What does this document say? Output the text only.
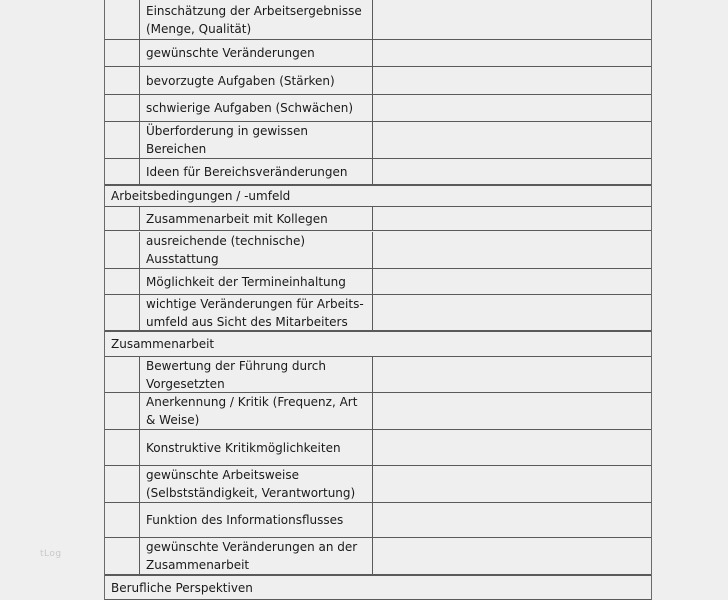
tLog
Einschätzung der Arbeitsergebnisse
(Menge, Qualität)
gewünschte Veränderungen
bevorzugte Aufgaben (Stärken)
schwierige Aufgaben (Schwächen)
Überforderung in gewissen
Bereichen
Ideen für Bereichsveränderungen
Arbeitsbedingungen / -umfeld
Zusammenarbeit mit Kollegen
ausreichende (technische)
Ausstattung
Möglichkeit der Termineinhaltung
wichtige Veränderungen für Arbeits-
umfeld aus Sicht des Mitarbeiters
Zusammenarbeit
Bewertung der Führung durch
Vorgesetzten
Anerkennung / Kritik (Frequenz, Art
& Weise)
Konstruktive Kritikmöglichkeiten
gewünschte Arbeitsweise
(Selbstständigkeit, Verantwortung)
Funktion des Informationsflusses
gewünschte Veränderungen an der
Zusammenarbeit
Berufliche Perspektiven
